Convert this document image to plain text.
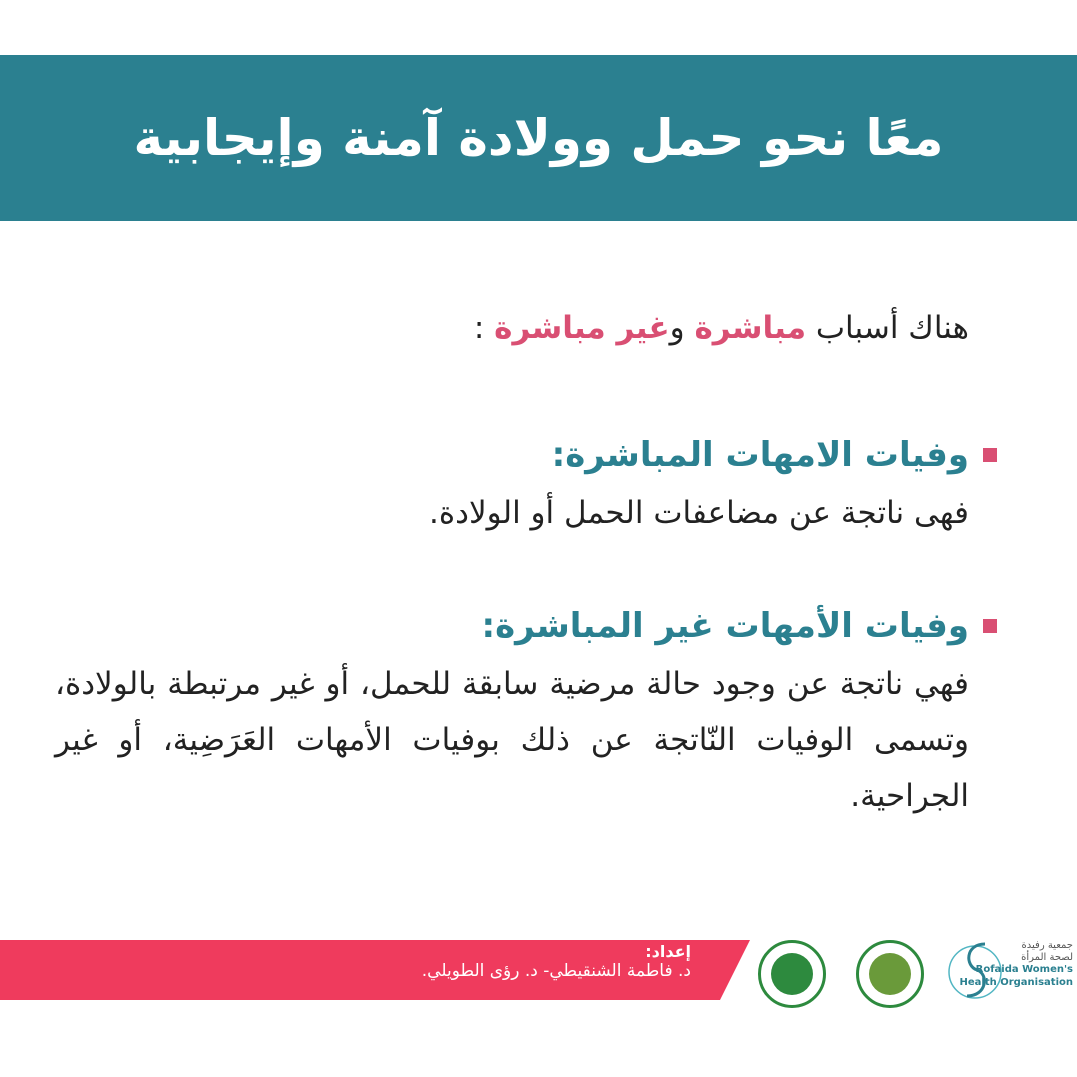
معًا نحو حمل وولادة آمنة وإيجابية
هناك أسباب مباشرة وغير مباشرة :
وفيات الامهات المباشرة:
فهى ناتجة عن مضاعفات الحمل أو الولادة.
وفيات الأمهات غير المباشرة:
فهي ناتجة عن وجود حالة مرضية سابقة للحمل، أو غير مرتبطة بالولادة، وتسمى الوفيات النّاتجة عن ذلك بوفيات الأمهات العَرَضِية، أو غير الجراحية.
إعداد:
د. فاطمة الشنقيطي- د. رؤى الطويلي.
جمعية رفيدة لصحة المرأة
Rofaida Women's
Health Organisation
